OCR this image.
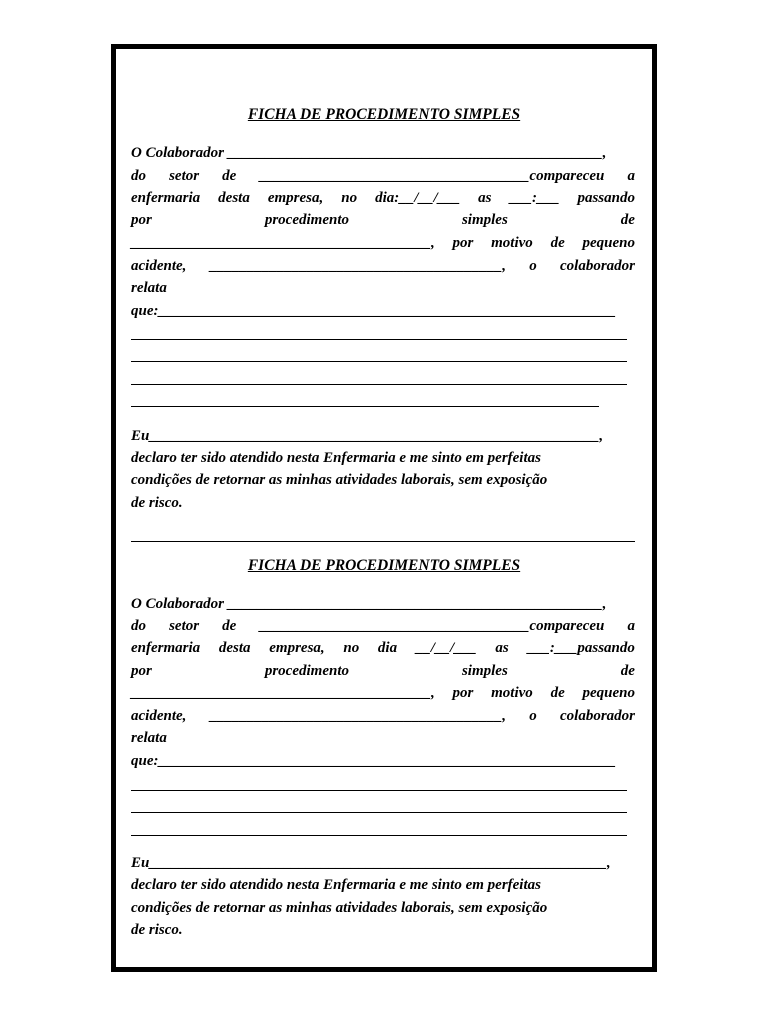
FICHA DE PROCEDIMENTO SIMPLES

O Colaborador __________________________________________________,

do setor de ____________________________________compareceu a

enfermaria desta empresa, no dia:__/__/___ as ___:___ passando

por	procedimento	simples	de

________________________________________, por motivo de pequeno

acidente, _______________________________________, o colaborador

relata

que:_____________________________________________________________

Eu____________________________________________________________,

declaro ter sido atendido nesta Enfermaria e me sinto em perfeitas

condições de retornar as minhas atividades laborais, sem exposição

de risco.

FICHA DE PROCEDIMENTO SIMPLES

O Colaborador __________________________________________________,

do setor de ____________________________________compareceu a

enfermaria desta empresa, no dia __/__/___ as ___:___passando

por	procedimento	simples	de

________________________________________, por motivo de pequeno

acidente, _______________________________________, o colaborador

relata

que:_____________________________________________________________

Eu_____________________________________________________________,

declaro ter sido atendido nesta Enfermaria e me sinto em perfeitas

condições de retornar as minhas atividades laborais, sem exposição

de risco.
